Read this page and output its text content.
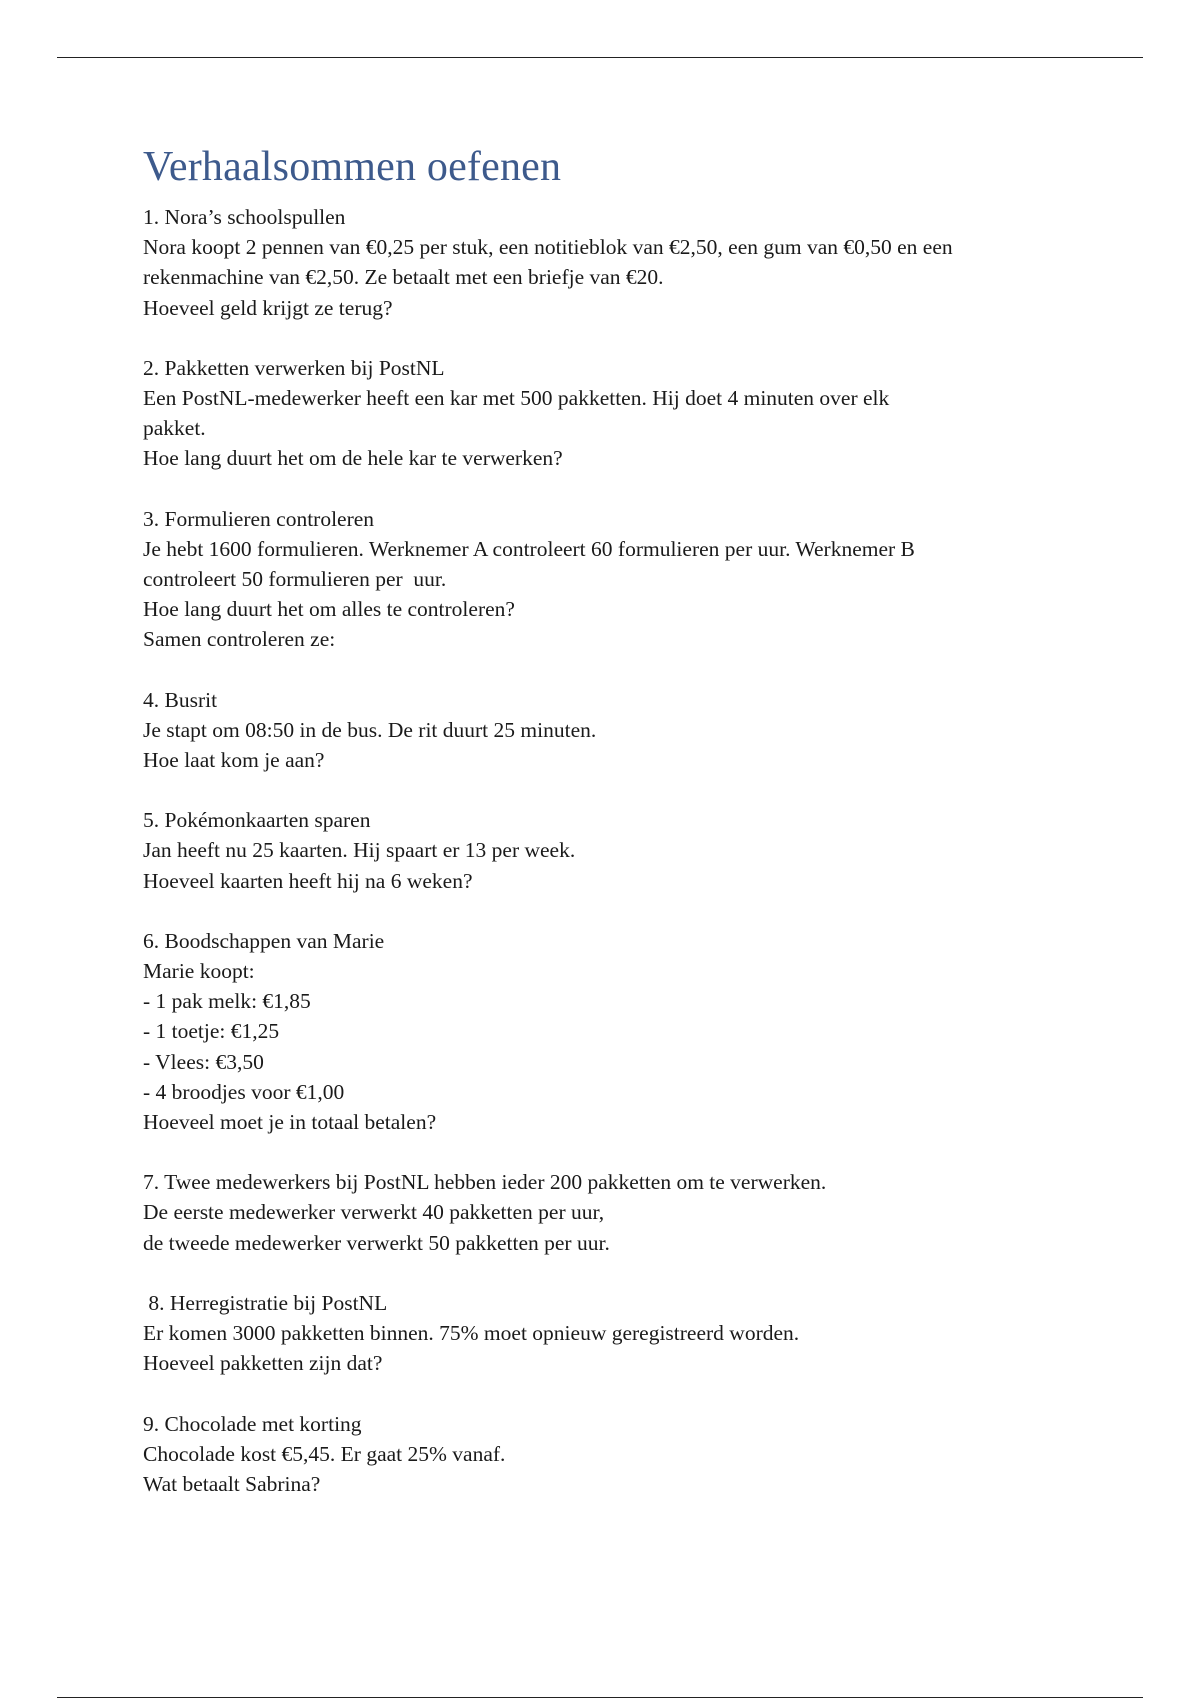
Verhaalsommen oefenen

1. Nora’s schoolspullen

Nora koopt 2 pennen van €0,25 per stuk, een notitieblok van €2,50, een gum van €0,50 en een

rekenmachine van €2,50. Ze betaalt met een briefje van €20.

Hoeveel geld krijgt ze terug?

2. Pakketten verwerken bij PostNL

Een PostNL-medewerker heeft een kar met 500 pakketten. Hij doet 4 minuten over elk

pakket.

Hoe lang duurt het om de hele kar te verwerken?

3. Formulieren controleren

Je hebt 1600 formulieren. Werknemer A controleert 60 formulieren per uur. Werknemer B

controleert 50 formulieren per  uur.

Hoe lang duurt het om alles te controleren?

Samen controleren ze:

4. Busrit

Je stapt om 08:50 in de bus. De rit duurt 25 minuten.

Hoe laat kom je aan?

5. Pokémonkaarten sparen

Jan heeft nu 25 kaarten. Hij spaart er 13 per week.

Hoeveel kaarten heeft hij na 6 weken?

6. Boodschappen van Marie

Marie koopt:

- 1 pak melk: €1,85

- 1 toetje: €1,25

- Vlees: €3,50

- 4 broodjes voor €1,00

Hoeveel moet je in totaal betalen?

7. Twee medewerkers bij PostNL hebben ieder 200 pakketten om te verwerken.

De eerste medewerker verwerkt 40 pakketten per uur,

de tweede medewerker verwerkt 50 pakketten per uur.

8. Herregistratie bij PostNL

Er komen 3000 pakketten binnen. 75% moet opnieuw geregistreerd worden.

Hoeveel pakketten zijn dat?

9. Chocolade met korting

Chocolade kost €5,45. Er gaat 25% vanaf.

Wat betaalt Sabrina?
